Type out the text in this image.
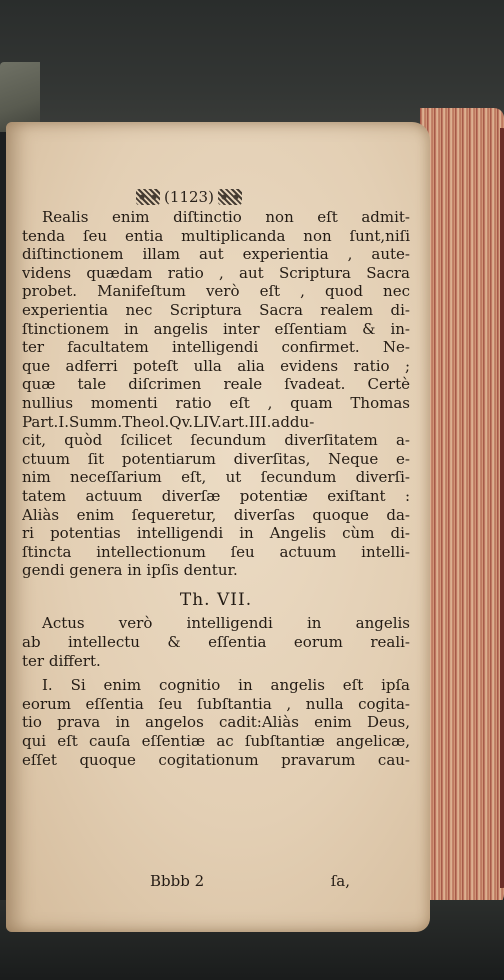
(1123)
Realis enim diſtinctio non eſt admit-
tenda ſeu entia multiplicanda non ſunt,niſi
diſtinctionem illam aut experientia , aute-
videns quædam ratio , aut Scriptura Sacra
probet. Manifeſtum verò eſt , quod nec
experientia nec Scriptura Sacra realem di-
ſtinctionem in angelis inter eſſentiam & in-
ter facultatem intelligendi confirmet. Ne-
que adferri poteſt ulla alia evidens ratio ;
quæ tale diſcrimen reale ſvadeat. Certè
nullius momenti ratio eſt , quam Thomas
Part.I.Summ.Theol.Qv.LIV.art.III.addu-
cit, quòd ſcilicet ſecundum diverſitatem a-
ctuum ſit potentiarum diverſitas, Neque e-
nim neceſſarium eſt, ut ſecundum diverſi-
tatem actuum diverſæ potentiæ exiſtant :
Aliàs enim ſequeretur, diverſas quoque da-
ri potentias intelligendi in Angelis cùm di-
ſtincta intellectionum ſeu actuum intelli-
gendi genera in ipſis dentur.
Th. VII.
Actus verò intelligendi in angelis
ab intellectu & eſſentia eorum reali-
ter differt.
I. Si enim cognitio in angelis eſt ipſa
eorum eſſentia ſeu ſubſtantia , nulla cogita-
tio prava in angelos cadit:Aliàs enim Deus,
qui eſt cauſa eſſentiæ ac ſubſtantiæ angelicæ,
eſſet quoque cogitationum pravarum cau-
Bbbb 2	ſa,
